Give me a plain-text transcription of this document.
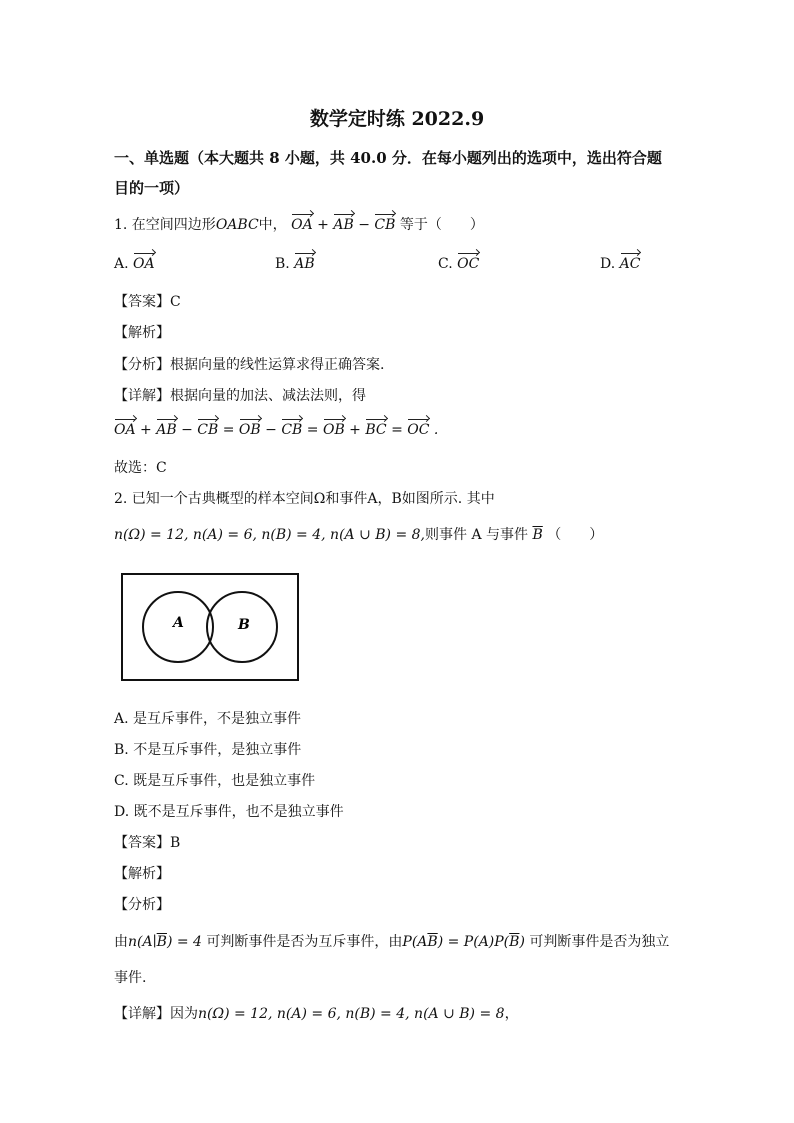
数学定时练 2022.9
一、单选题（本大题共 8 小题，共 40.0 分．在每小题列出的选项中，选出符合题
目的一项）
1. 在空间四边形OABC中， OA + AB − CB 等于（　　）
A. OA	B. AB	C. OC	D. AC
【答案】C
【解析】
【分析】根据向量的线性运算求得正确答案.
【详解】根据向量的加法、减法法则，得
OA + AB − CB = OB − CB = OB + BC = OC .
故选：C
2. 已知一个古典概型的样本空间Ω和事件A，B如图所示. 其中
n(Ω) = 12, n(A) = 6, n(B) = 4, n(A ∪ B) = 8,则事件 A 与事件 $\overline{B}$ （　　）
A	B
A. 是互斥事件，不是独立事件
B. 不是互斥事件，是独立事件
C. 既是互斥事件，也是独立事件
D. 既不是互斥事件，也不是独立事件
【答案】B
【解析】
【分析】
由$n(A∣\overline{B}) = 4$ 可判断事件是否为互斥事件，由$P(A\overline{B}) = P(A)P(\overline{B})$ 可判断事件是否为独立
事件.
【详解】因为n(Ω) = 12, n(A) = 6, n(B) = 4, n(A ∪ B) = 8，
